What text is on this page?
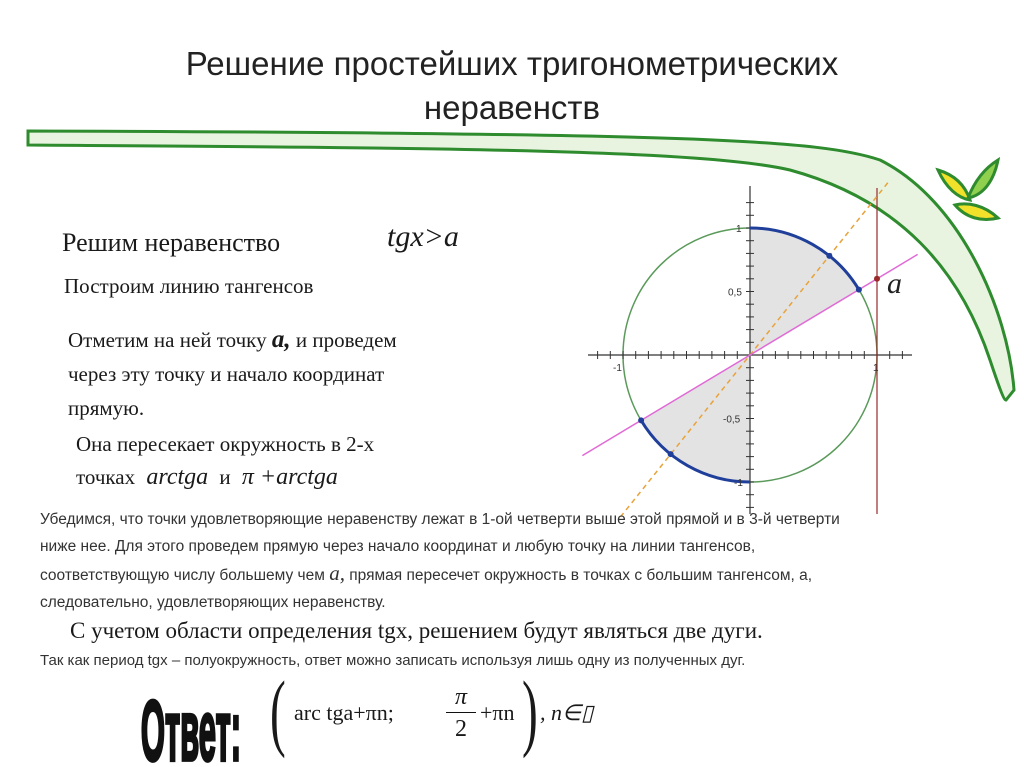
Решение простейших тригонометрических
неравенств
Решим неравенство	tgx>a
Построим линию тангенсов
Отметим на ней точку a, и проведем
через эту точку и начало координат
прямую.
Она пересекает окружность в 2-х
точках arctga и π +arctga
a
1
0,5
-0,5
-1
-1	1
Убедимся, что точки удовлетворяющие неравенству лежат в 1-ой четверти выше этой прямой и в 3-й четверти
ниже нее. Для этого проведем прямую через начало координат и любую точку на линии тангенсов,
соответствующую числу большему чем a, прямая пересечет окружность в точках с большим тангенсом, а,
следовательно, удовлетворяющих неравенству.
С учетом области определения tgx, решением будут являться две дуги.
Так как период tgx – полуокружность, ответ можно записать используя лишь одну из полученных дуг.
Ответ: ( arc tga+πn; $\frac{\pi}{2} +\pi n$ ) , n∈▯
